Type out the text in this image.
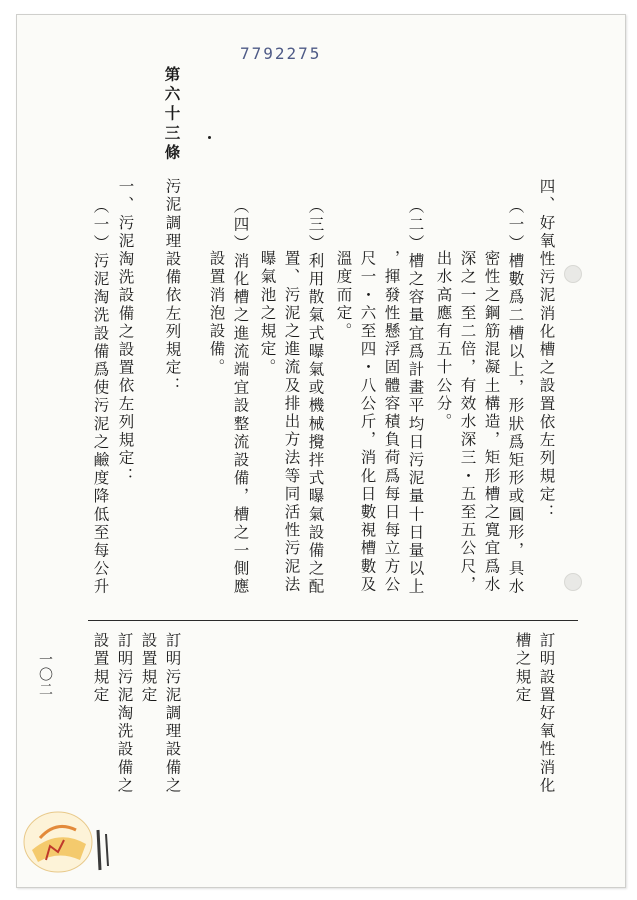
7792275
四、好氧性污泥消化槽之設置依左列規定：
（一）槽數爲二槽以上，形狀爲矩形或圓形，具水
密性之鋼筋混凝土構造，矩形槽之寬宜爲水
深之一至二倍，有效水深三・五至五公尺，
出水高應有五十公分。
（二）槽之容量宜爲計畫平均日污泥量十日量以上
，揮發性懸浮固體容積負荷爲每日每立方公
尺一・六至四・八公斤，消化日數視槽數及
溫度而定。
（三）利用散氣式曝氣或機械攪拌式曝氣設備之配
置、污泥之進流及排出方法等同活性污泥法
曝氣池之規定。
（四）消化槽之進流端宜設整流設備，槽之一側應
設置消泡設備。
第六十三條
污泥調理設備依左列規定：
一、污泥淘洗設備之設置依左列規定：
（一）污泥淘洗設備爲使污泥之鹼度降低至每公升
訂明設置好氧性消化
槽之規定
訂明污泥調理設備之
設置規定
訂明污泥淘洗設備之
設置規定
一〇二
